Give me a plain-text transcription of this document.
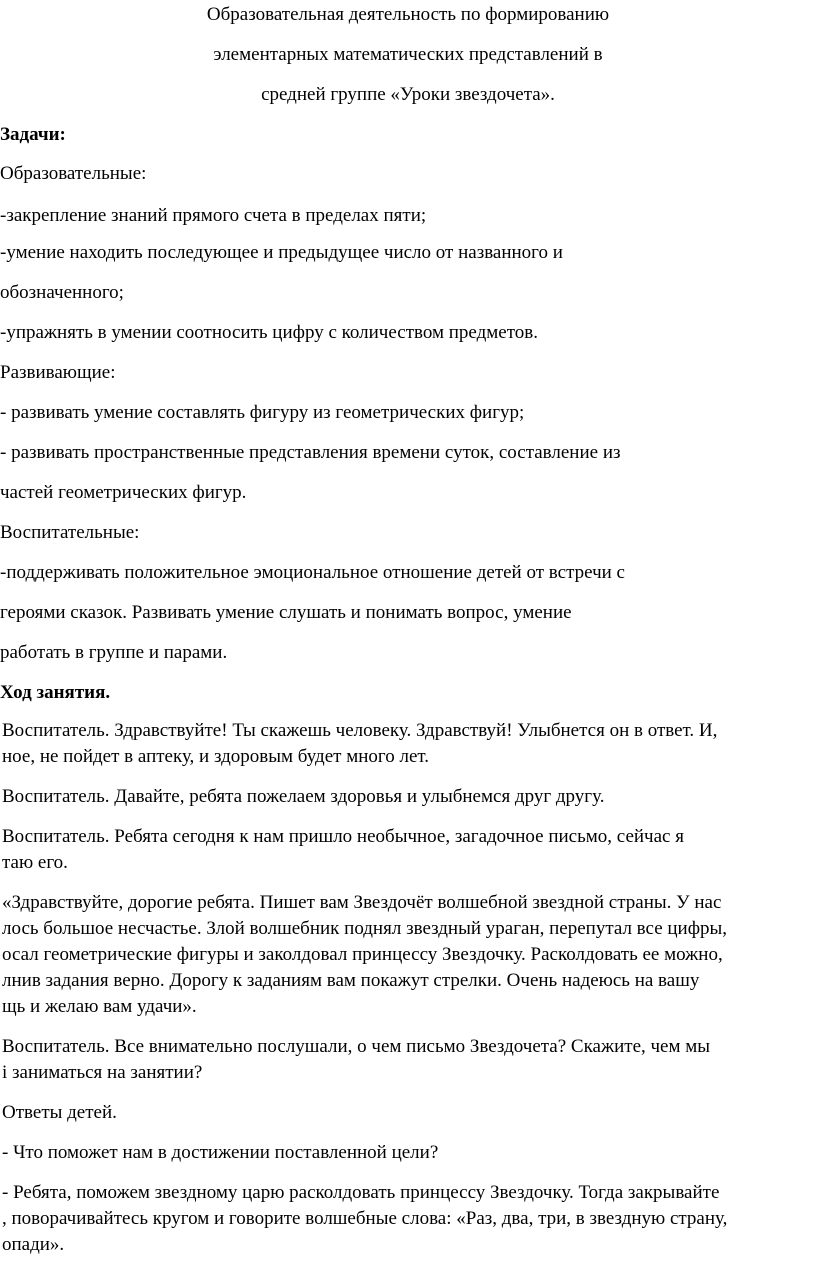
Образовательная деятельность по формированию
элементарных математических представлений в
средней группе «Уроки звездочета».
Задачи:
Образовательные:
-закрепление знаний прямого счета в пределах пяти;
-умение находить последующее и предыдущее число от названного и
обозначенного;
-упражнять в умении соотносить цифру с количеством предметов.
Развивающие:
- развивать умение составлять фигуру из геометрических фигур;
- развивать пространственные представления времени суток, составление из
частей геометрических фигур.
Воспитательные:
-поддерживать положительное эмоциональное отношение детей от встречи с
героями сказок. Развивать умение слушать и понимать вопрос, умение
работать в группе и парами.
Ход занятия.
Воспитатель. Здравствуйте! Ты скажешь человеку. Здравствуй! Улыбнется он в ответ. И,
ное, не пойдет в аптеку, и здоровым будет много лет.
Воспитатель. Давайте, ребята пожелаем здоровья и улыбнемся друг другу.
Воспитатель. Ребята сегодня к нам пришло необычное, загадочное письмо, сейчас я
таю его.
«Здравствуйте, дорогие ребята. Пишет вам Звездочёт волшебной звездной страны. У нас
лось большое несчастье. Злой волшебник поднял звездный ураган, перепутал все цифры,
осал геометрические фигуры и заколдовал принцессу Звездочку. Расколдовать ее можно,
лнив задания верно. Дорогу к заданиям вам покажут стрелки. Очень надеюсь на вашу
щь и желаю вам удачи».
Воспитатель. Все внимательно послушали, о чем письмо Звездочета? Скажите, чем мы
і заниматься на занятии?
Ответы детей.
- Что поможет нам в достижении поставленной цели?
- Ребята, поможем звездному царю расколдовать принцессу Звездочку. Тогда закрывайте
, поворачивайтесь кругом и говорите волшебные слова: «Раз, два, три, в звездную страну,
опади».
